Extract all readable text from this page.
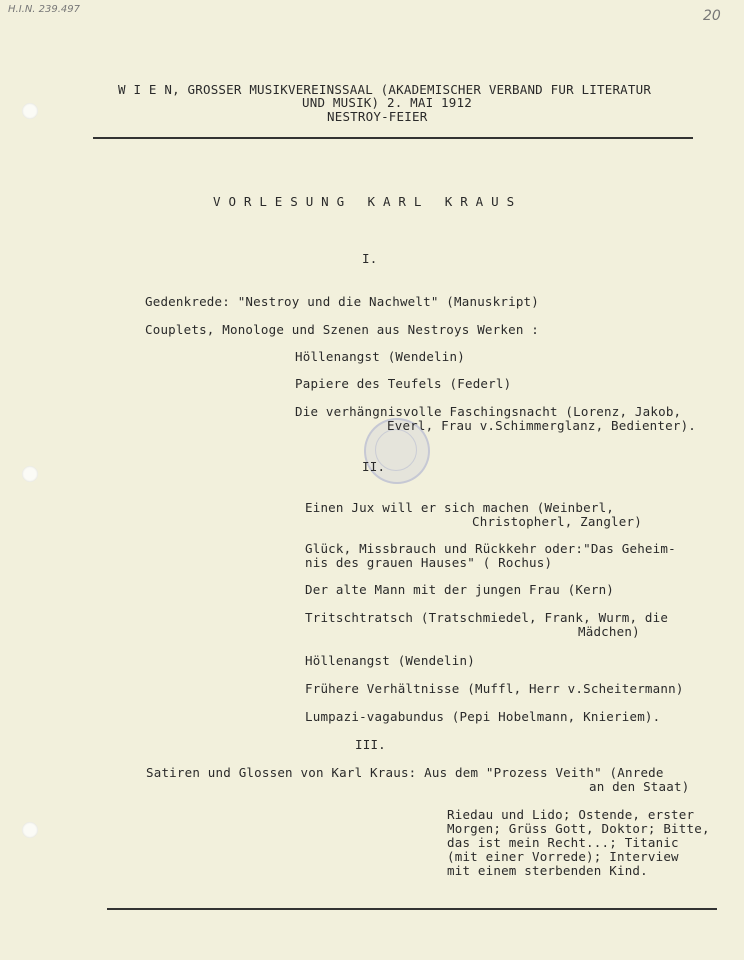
H.I.N. 239.497	20
W I E N, GROSSER MUSIKVEREINSSAAL (AKADEMISCHER VERBAND FUR LITERATUR
UND MUSIK) 2. MAI 1912
NESTROY-FEIER
V O R L E S U N G   K A R L   K R A U S
I.
Gedenkrede: "Nestroy und die Nachwelt" (Manuskript)
Couplets, Monologe und Szenen aus Nestroys Werken :
Höllenangst (Wendelin)
Papiere des Teufels (Federl)
Die verhängnisvolle Faschingsnacht (Lorenz, Jakob,
Everl, Frau v.Schimmerglanz, Bedienter).
II.
Einen Jux will er sich machen (Weinberl,
Christopherl, Zangler)
Glück, Missbrauch und Rückkehr oder:"Das Geheim-
nis des grauen Hauses" ( Rochus)
Der alte Mann mit der jungen Frau (Kern)
Tritschtratsch (Tratschmiedel, Frank, Wurm, die
Mädchen)
Höllenangst (Wendelin)
Frühere Verhältnisse (Muffl, Herr v.Scheitermann)
Lumpazi-vagabundus (Pepi Hobelmann, Knieriem).
III.
Satiren und Glossen von Karl Kraus: Aus dem "Prozess Veith" (Anrede
an den Staat)
Riedau und Lido; Ostende, erster
Morgen; Grüss Gott, Doktor; Bitte,
das ist mein Recht...; Titanic
(mit einer Vorrede); Interview
mit einem sterbenden Kind.
